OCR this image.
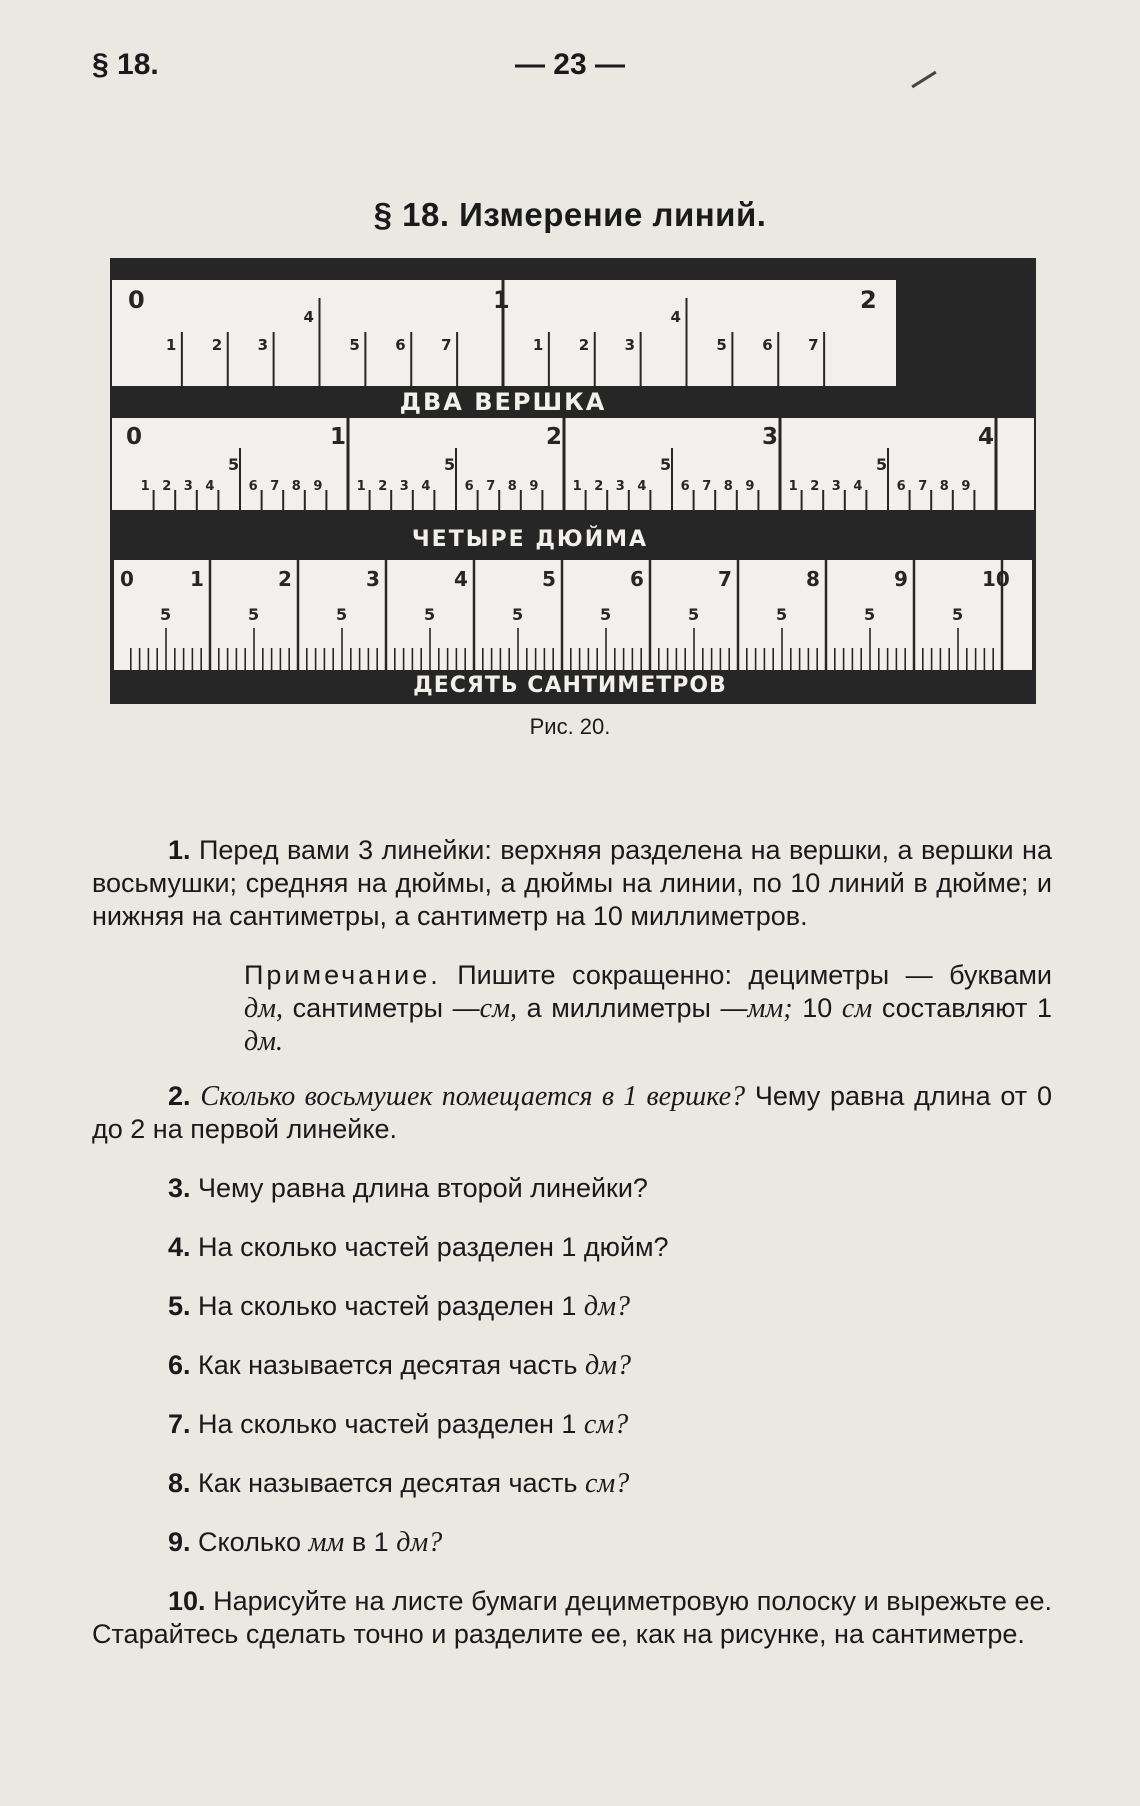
§ 18.	— 23 —
§ 18. Измерение линий.
0	1	2
1 2 3
4
5 6 7	1 2 3
4
5 6 7
ДВА ВЕРШКА
0	1	2	3	4
1 2 3 4
5
6 7 8 9	1 2 3 4
5
6 7 8 9	1 2 3 4
5
6 7 8 9	1 2 3 4
5
6 7 8 9
ЧЕТЫРЕ ДЮЙМА
0	1	2	3	4	5	6	7	8	9	10
5	5	5	5	5	5	5	5	5	5
ДЕСЯТЬ САНТИМЕТРОВ
Рис. 20.

1. Перед вами 3 линейки: верхняя разделена на вершки, а вершки на восьмушки; средняя на дюймы, а дюймы на линии, по 10 линий в дюйме; и нижняя на сантиметры, а сантиметр на 10 миллиметров.

Примечание. Пишите сокращенно: дециметры — буквами дм, сантиметры —см, а миллиметры —мм; 10 см составляют 1 дм.

2. Сколько восьмушек помещается в 1 вершке? Чему равна длина от 0 до 2 на первой линейке.

3. Чему равна длина второй линейки?

4. На сколько частей разделен 1 дюйм?

5. На сколько частей разделен 1 дм?

6. Как называется десятая часть дм?

7. На сколько частей разделен 1 см?

8. Как называется десятая часть см?

9. Сколько мм в 1 дм?

10. Нарисуйте на листе бумаги дециметровую полоску и вырежьте ее. Старайтесь сделать точно и разделите ее, как на рисунке, на сантиметре.
